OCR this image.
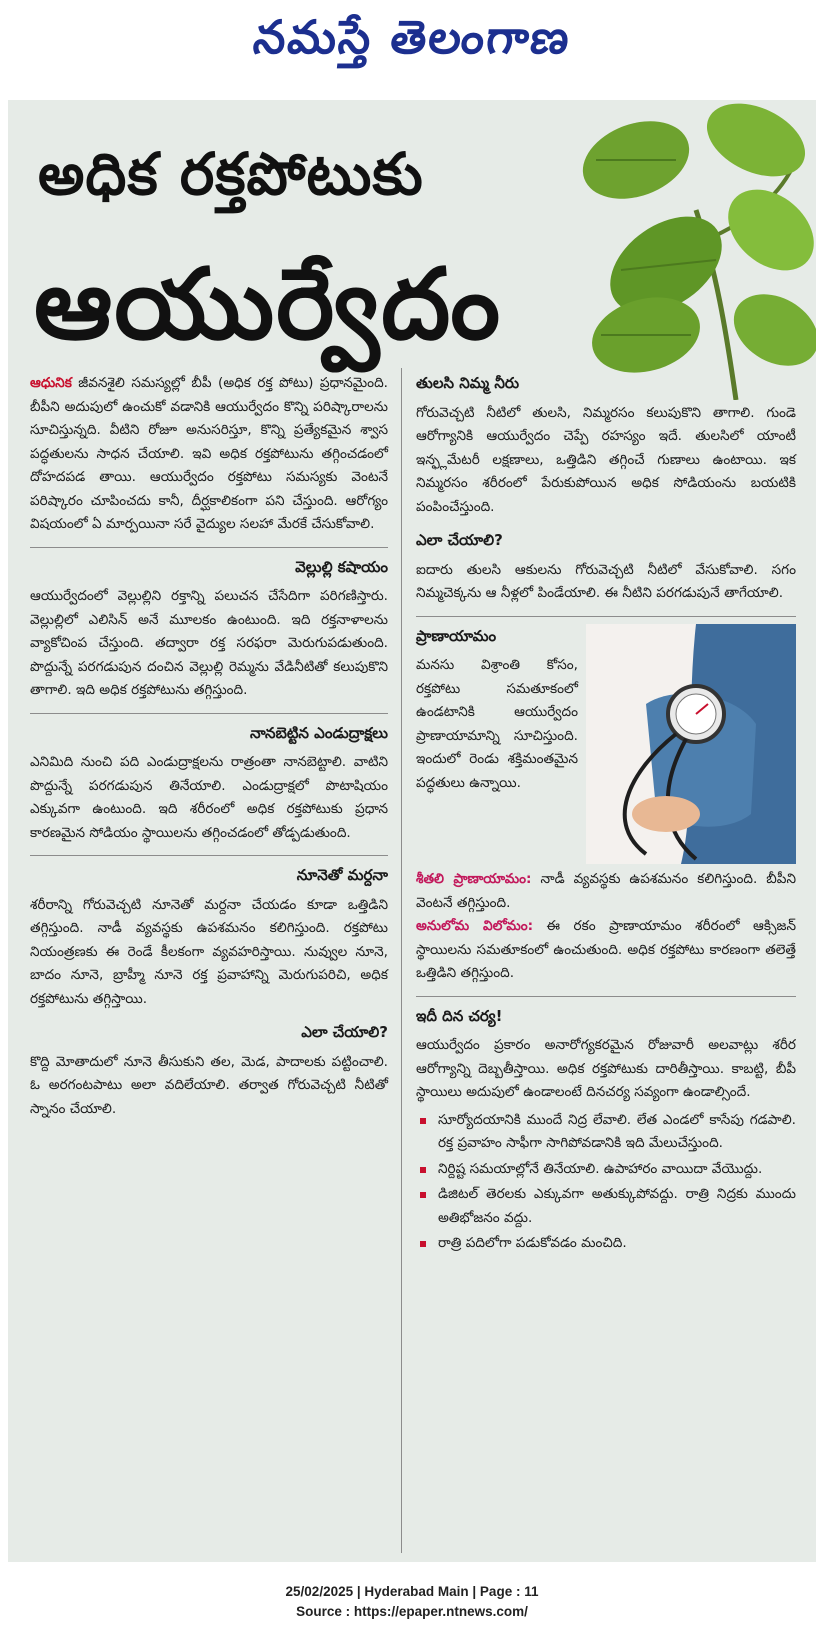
నమస్తే తెలంగాణ
అధిక రక్తపోటుకు
ఆయుర్వేదం

ఆధునిక జీవనశైలి సమస్యల్లో బీపీ (అధిక రక్త పోటు) ప్రధానమైంది. బీపీని అదుపులో ఉంచుకో వడానికి ఆయుర్వేదం కొన్ని పరిష్కారాలను సూచిస్తున్నది. వీటిని రోజూ అనుసరిస్తూ, కొన్ని ప్రత్యేకమైన శ్వాస పద్ధతులను సాధన చేయాలి. ఇవి అధిక రక్తపోటును తగ్గించడంలో దోహదపడ తాయి. ఆయుర్వేదం రక్తపోటు సమస్యకు వెంటనే పరిష్కారం చూపించదు కానీ, దీర్ఘకాలికంగా పని చేస్తుంది. ఆరోగ్యం విషయంలో ఏ మార్పయినా సరే వైద్యుల సలహా మేరకే చేసుకోవాలి.

వెల్లుల్లి కషాయం

ఆయుర్వేదంలో వెల్లుల్లిని రక్తాన్ని పలుచన చేసేదిగా పరిగణిస్తారు. వెల్లుల్లిలో ఎలిసిన్ అనే మూలకం ఉంటుంది. ఇది రక్తనాళాలను వ్యాకోచింప చేస్తుంది. తద్వారా రక్త సరఫరా మెరుగుపడుతుంది. పొద్దున్నే పరగడుపున దంచిన వెల్లుల్లి రెమ్మను వేడినీటితో కలుపుకొని తాగాలి. ఇది అధిక రక్తపోటును తగ్గిస్తుంది.

నానబెట్టిన ఎండుద్రాక్షలు

ఎనిమిది నుంచి పది ఎండుద్రాక్షలను రాత్రంతా నానబెట్టాలి. వాటిని పొద్దున్నే పరగడుపున తినేయాలి. ఎండుద్రాక్షలో పొటాషియం ఎక్కువగా ఉంటుంది. ఇది శరీరంలో అధిక రక్తపోటుకు ప్రధాన కారణమైన సోడియం స్థాయిలను తగ్గించడంలో తోడ్పడుతుంది.

నూనెతో మర్దనా

శరీరాన్ని గోరువెచ్చటి నూనెతో మర్దనా చేయడం కూడా ఒత్తిడిని తగ్గిస్తుంది. నాడీ వ్యవస్థకు ఉపశమనం కలిగిస్తుంది. రక్తపోటు నియంత్రణకు ఈ రెండే కీలకంగా వ్యవహరిస్తాయి. నువ్వుల నూనె, బాదం నూనె, బ్రాహ్మీ నూనె రక్త ప్రవాహాన్ని మెరుగుపరిచి, అధిక రక్తపోటును తగ్గిస్తాయి.

ఎలా చేయాలి?

కొద్ది మోతాదులో నూనె తీసుకుని తల, మెడ, పాదాలకు పట్టించాలి. ఓ అరగంటపాటు అలా వదిలేయాలి. తర్వాత గోరువెచ్చటి నీటితో స్నానం చేయాలి.

తులసి నిమ్మ నీరు

గోరువెచ్చటి నీటిలో తులసి, నిమ్మరసం కలుపుకొని తాగాలి. గుండె ఆరోగ్యానికి ఆయుర్వేదం చెప్పే రహస్యం ఇదే. తులసిలో యాంటీ ఇన్ఫ్లమేటరీ లక్షణాలు, ఒత్తిడిని తగ్గించే గుణాలు ఉంటాయి. ఇక నిమ్మరసం శరీరంలో పేరుకుపోయిన అధిక సోడియంను బయటికి పంపించేస్తుంది.

ఎలా చేయాలి?

ఐదారు తులసి ఆకులను గోరువెచ్చటి నీటిలో వేసుకోవాలి. సగం నిమ్మచెక్కను ఆ నీళ్లలో పిండేయాలి. ఈ నీటిని పరగడుపునే తాగేయాలి.

ప్రాణాయామం

మనసు విశ్రాంతి కోసం, రక్తపోటు సమతూకంలో ఉండటానికి ఆయుర్వేదం ప్రాణాయామాన్ని సూచిస్తుంది. ఇందులో రెండు శక్తిమంతమైన పద్ధతులు ఉన్నాయి.

శీతలి ప్రాణాయామం: నాడీ వ్యవస్థకు ఉపశమనం కలిగిస్తుంది. బీపీని వెంటనే తగ్గిస్తుంది.

అనులోమ విలోమం: ఈ రకం ప్రాణాయామం శరీరంలో ఆక్సిజన్ స్థాయిలను సమతూకంలో ఉంచుతుంది. అధిక రక్తపోటు కారణంగా తలెత్తే ఒత్తిడిని తగ్గిస్తుంది.

ఇదీ దిన చర్య!

ఆయుర్వేదం ప్రకారం అనారోగ్యకరమైన రోజువారీ అలవాట్లు శరీర ఆరోగ్యాన్ని దెబ్బతీస్తాయి. అధిక రక్తపోటుకు దారితీస్తాయి. కాబట్టి, బీపీ స్థాయిలు అదుపులో ఉండాలంటే దినచర్య సవ్యంగా ఉండాల్సిందే.

సూర్యోదయానికి ముందే నిద్ర లేవాలి. లేత ఎండలో కాసేపు గడపాలి. రక్త ప్రవాహం సాఫీగా సాగిపోవడానికి ఇది మేలుచేస్తుంది.
నిర్దిష్ట సమయాల్లోనే తినేయాలి. ఉపాహారం వాయిదా వేయొద్దు.
డిజిటల్ తెరలకు ఎక్కువగా అతుక్కుపోవద్దు. రాత్రి నిద్రకు ముందు అతిభోజనం వద్దు.
రాత్రి పదిలోగా పడుకోవడం మంచిది.
25/02/2025 | Hyderabad Main | Page : 11
Source : https://epaper.ntnews.com/
